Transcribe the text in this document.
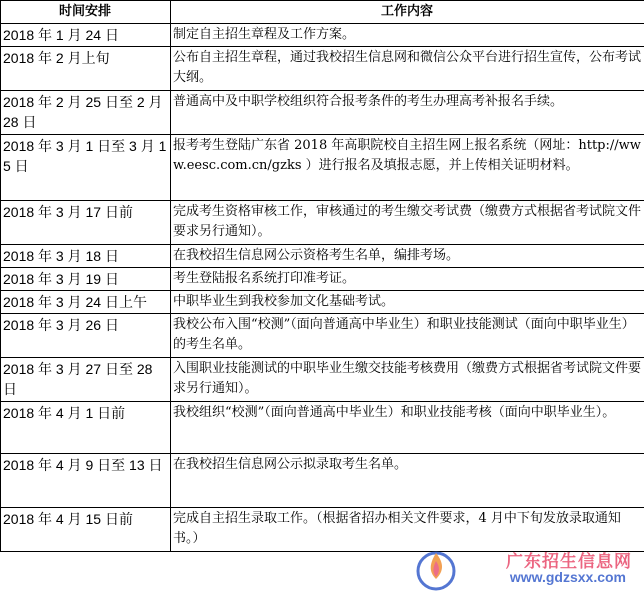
时间安排	工作内容
2018 年 1 月 24 日	制定自主招生章程及工作方案。
2018 年 2 月上旬	公布自主招生章程，通过我校招生信息网和微信公众平台进行招生宣传，公布考试大纲。
2018 年 2 月 25 日至 2 月 28 日	普通高中及中职学校组织符合报考条件的考生办理高考补报名手续。
2018 年 3 月 1 日至 3 月 15 日	报考考生登陆广东省 2018 年高职院校自主招生网上报名系统（网址：http://www.eesc.com.cn/gzks ）进行报名及填报志愿，并上传相关证明材料。
2018 年 3 月 17 日前	完成考生资格审核工作，审核通过的考生缴交考试费（缴费方式根据省考试院文件要求另行通知）。
2018 年 3 月 18 日	在我校招生信息网公示资格考生名单，编排考场。
2018 年 3 月 19 日	考生登陆报名系统打印准考证。
2018 年 3 月 24 日上午	中职毕业生到我校参加文化基础考试。
2018 年 3 月 26 日	我校公布入围“校测”（面向普通高中毕业生）和职业技能测试（面向中职毕业生）的考生名单。
2018 年 3 月 27 日至 28 日	入围职业技能测试的中职毕业生缴交技能考核费用（缴费方式根据省考试院文件要求另行通知）。
2018 年 4 月 1 日前	我校组织“校测”（面向普通高中毕业生）和职业技能考核（面向中职毕业生）。
2018 年 4 月 9 日至 13 日	在我校招生信息网公示拟录取考生名单。
2018 年 4 月 15 日前	完成自主招生录取工作。（根据省招办相关文件要求，4 月中下旬发放录取通知书。）
广东招生信息网
www.gdzsxx.com
